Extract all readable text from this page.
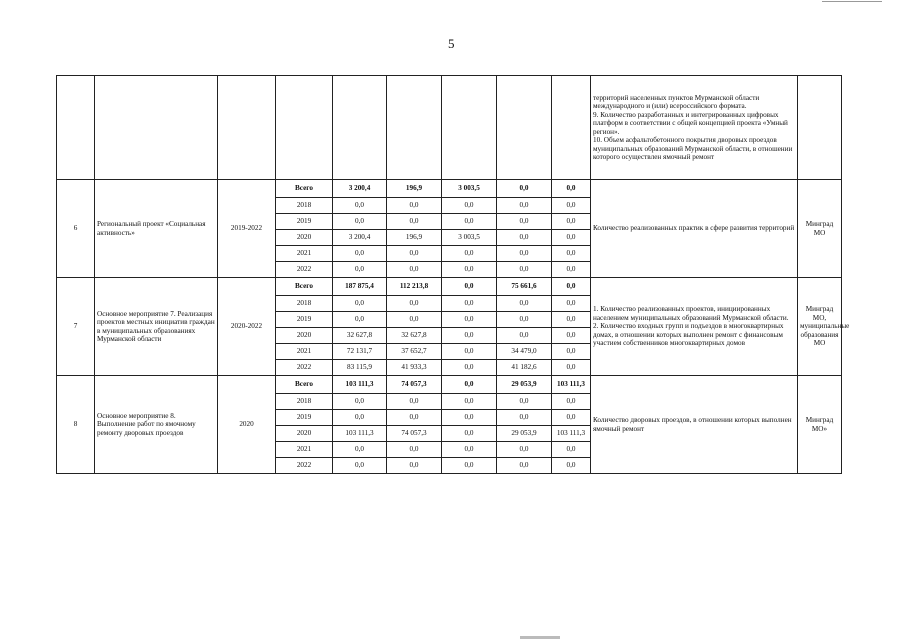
5
									территорий населенных пунктов Мурманской области международного и (или) всероссийского формата.
9. Количество разработанных и интегрированных цифровых платформ в соответствии с общей концепцией проекта «Умный регион».
10. Объем асфальтобетонного покрытия дворовых проездов муниципальных образований Мурманской области, в отношении которого осуществлен ямочный ремонт	
6	Региональный проект «Социальная активность»	2019-2022	Всего	3 200,4	196,9	3 003,5	0,0	0,0	Количество реализованных практик в сфере развития территорий	Минград МО
			2018	0,0	0,0	0,0	0,0	0,0		
			2019	0,0	0,0	0,0	0,0	0,0		
			2020	3 200,4	196,9	3 003,5	0,0	0,0		
			2021	0,0	0,0	0,0	0,0	0,0		
			2022	0,0	0,0	0,0	0,0	0,0		
7	Основное мероприятие 7. Реализация проектов местных инициатив граждан в муниципальных образованиях Мурманской области	2020-2022	Всего	187 875,4	112 213,8	0,0	75 661,6	0,0	1. Количество реализованных проектов, инициированных населением муниципальных образований Мурманской области.
2. Количество входных групп и подъездов в многоквартирных домах, в отношении которых выполнен ремонт с финансовым участием собственников многоквартирных домов	Минград МО, муниципальные образования МО
			2018	0,0	0,0	0,0	0,0	0,0		
			2019	0,0	0,0	0,0	0,0	0,0		
			2020	32 627,8	32 627,8	0,0	0,0	0,0		
			2021	72 131,7	37 652,7	0,0	34 479,0	0,0		
			2022	83 115,9	41 933,3	0,0	41 182,6	0,0		
8	Основное мероприятие 8. Выполнение работ по ямочному ремонту дворовых проездов	2020	Всего	103 111,3	74 057,3	0,0	29 053,9	103 111,3	Количество дворовых проездов, в отношении которых выполнен ямочный ремонт	Минград МО»
			2018	0,0	0,0	0,0	0,0	0,0		
			2019	0,0	0,0	0,0	0,0	0,0		
			2020	103 111,3	74 057,3	0,0	29 053,9	103 111,3		
			2021	0,0	0,0	0,0	0,0	0,0		
			2022	0,0	0,0	0,0	0,0	0,0		
